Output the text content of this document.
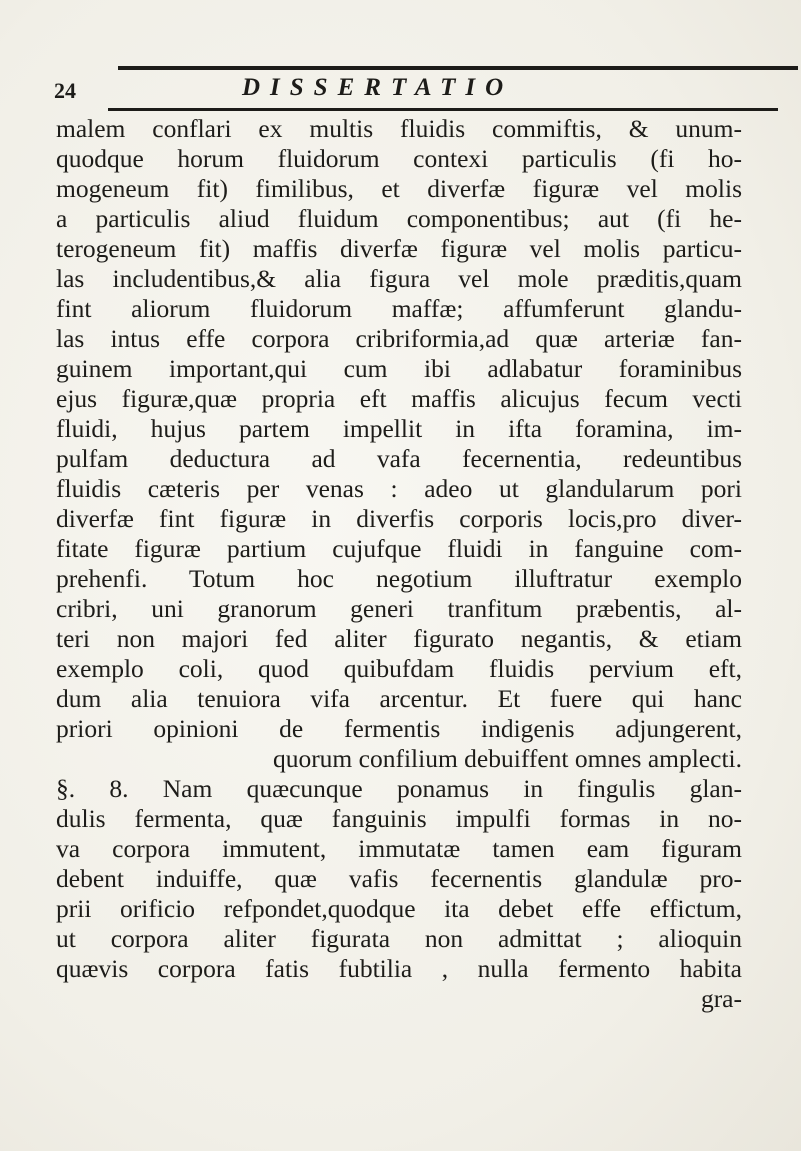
24	DISSERTATIO
malem conflari ex multis fluidis commiftis, & unum-
quodque horum fluidorum contexi particulis (fi ho-
mogeneum fit) fimilibus, et diverfæ figuræ vel molis
a particulis aliud fluidum componentibus; aut (fi he-
terogeneum fit) maffis diverfæ figuræ vel molis particu-
las includentibus,& alia figura vel mole præditis,quam
fint aliorum fluidorum maffæ; affumferunt glandu-
las intus effe corpora cribriformia,ad quæ arteriæ fan-
guinem important,qui cum ibi adlabatur foraminibus
ejus figuræ,quæ propria eft maffis alicujus fecum vecti
fluidi, hujus partem impellit in ifta foramina, im-
pulfam deductura ad vafa fecernentia, redeuntibus
fluidis cæteris per venas : adeo ut glandularum pori
diverfæ fint figuræ in diverfis corporis locis,pro diver-
fitate figuræ partium cujufque fluidi in fanguine com-
prehenfi. Totum hoc negotium illuftratur exemplo
cribri, uni granorum generi tranfitum præbentis, al-
teri non majori fed aliter figurato negantis, & etiam
exemplo coli, quod quibufdam fluidis pervium eft,
dum alia tenuiora vifa arcentur. Et fuere qui hanc
priori opinioni de fermentis indigenis adjungerent,
quorum confilium debuiffent omnes amplecti.
§. 8. Nam quæcunque ponamus in fingulis glan-
dulis fermenta, quæ fanguinis impulfi formas in no-
va corpora immutent, immutatæ tamen eam figuram
debent induiffe, quæ vafis fecernentis glandulæ pro-
prii orificio refpondet,quodque ita debet effe effictum,
ut corpora aliter figurata non admittat ; alioquin
quævis corpora fatis fubtilia , nulla fermento habita
gra-
